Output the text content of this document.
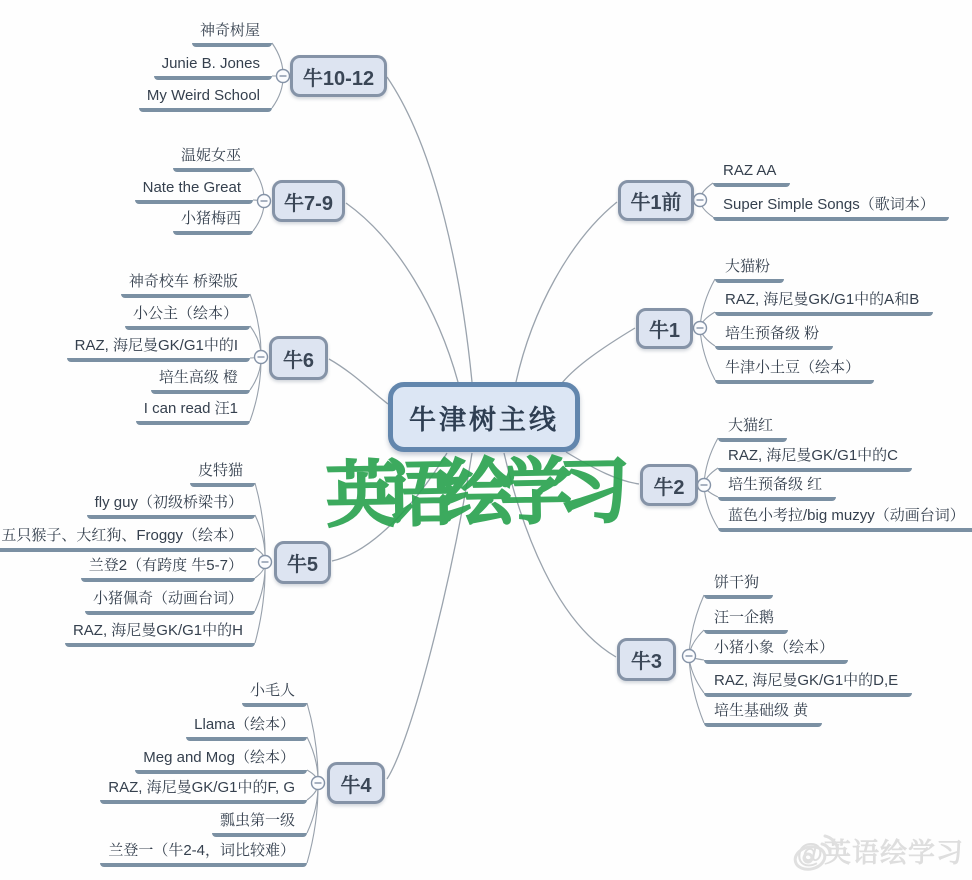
牛10-12
牛7-9
牛6
牛5
牛4
牛1前
牛1
牛2
牛3
牛津树主线
英语绘学习
@英语绘学习
神奇树屋
Junie B. Jones
My Weird School
温妮女巫
Nate the Great
小猪梅西
神奇校车 桥梁版
小公主（绘本）
RAZ, 海尼曼GK/G1中的I
培生高级 橙
I can read 汪1
皮特猫
fly guy（初级桥梁书）
五只猴子、大红狗、Froggy（绘本）
兰登2（有跨度 牛5-7）
小猪佩奇（动画台词）
RAZ, 海尼曼GK/G1中的H
小毛人
Llama（绘本）
Meg and Mog（绘本）
RAZ, 海尼曼GK/G1中的F, G
瓢虫第一级
兰登一（牛2-4，词比较难）
RAZ AA
Super Simple Songs（歌词本）
大猫粉
RAZ, 海尼曼GK/G1中的A和B
培生预备级 粉
牛津小土豆（绘本）
大猫红
RAZ, 海尼曼GK/G1中的C
培生预备级 红
蓝色小考拉/big muzyy（动画台词）
饼干狗
汪一企鹅
小猪小象（绘本）
RAZ, 海尼曼GK/G1中的D,E
培生基础级 黄
